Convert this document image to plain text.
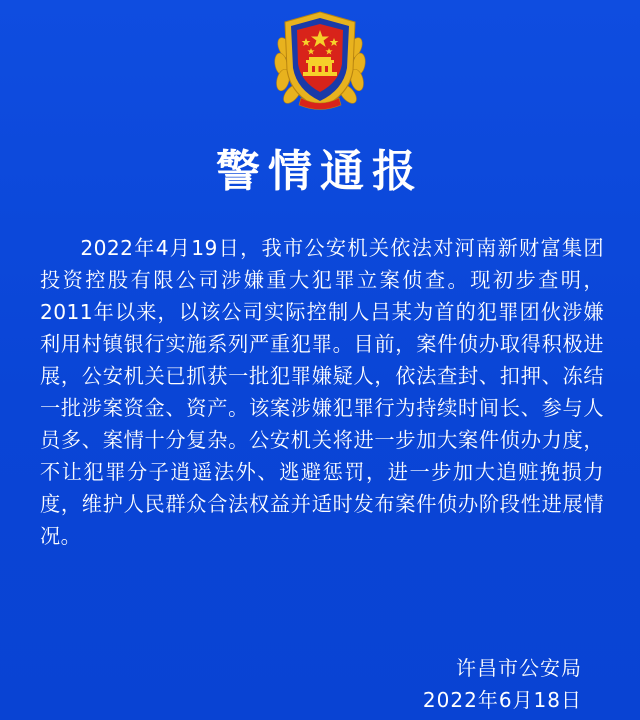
警情通报

2022年4月19日，我市公安机关依法对河南新财富集团投资控股有限公司涉嫌重大犯罪立案侦查。现初步查明，2011年以来，以该公司实际控制人吕某为首的犯罪团伙涉嫌利用村镇银行实施系列严重犯罪。目前，案件侦办取得积极进展，公安机关已抓获一批犯罪嫌疑人，依法查封、扣押、冻结一批涉案资金、资产。该案涉嫌犯罪行为持续时间长、参与人员多、案情十分复杂。公安机关将进一步加大案件侦办力度，不让犯罪分子逍遥法外、逃避惩罚，进一步加大追赃挽损力度，维护人民群众合法权益并适时发布案件侦办阶段性进展情况。

许昌市公安局

2022年6月18日
